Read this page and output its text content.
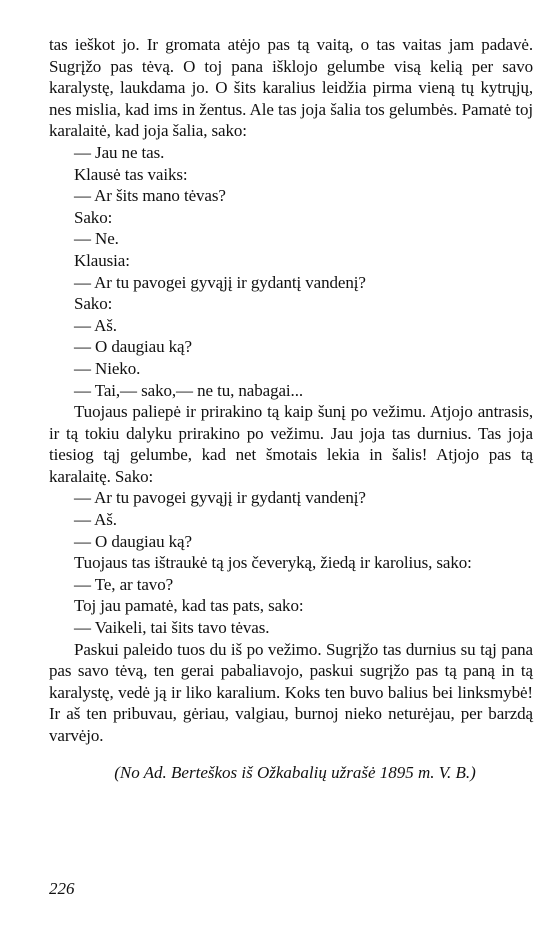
tas ieškot jo. Ir gromata atėjo pas tą vaitą, o tas vaitas jam padavė. Sugrįžo pas tėvą. O toj pana išklojo gelumbe visą kelią per savo karalystę, laukdama jo. O šits karalius leidžia pirma vieną tų kytrųjų, nes mislia, kad ims in žentus. Ale tas joja šalia tos gelumbės. Pamatė toj karalaitė, kad joja šalia, sako:

— Jau ne tas.

Klausė tas vaiks:

— Ar šits mano tėvas?

Sako:

— Ne.

Klausia:

— Ar tu pavogei gyvąjį ir gydantį vandenį?

Sako:

— Aš.

— O daugiau ką?

— Nieko.

— Tai,— sako,— ne tu, nabagai...

Tuojaus paliepė ir prirakino tą kaip šunį po vežimu. Atjojo antrasis, ir tą tokiu dalyku prirakino po vežimu. Jau joja tas durnius. Tas joja tiesiog tąj gelumbe, kad net šmotais lekia in šalis! Atjojo pas tą karalaitę. Sako:

— Ar tu pavogei gyvąjį ir gydantį vandenį?

— Aš.

— O daugiau ką?

Tuojaus tas ištraukė tą jos čeveryką, žiedą ir karolius, sako:

— Te, ar tavo?

Toj jau pamatė, kad tas pats, sako:

— Vaikeli, tai šits tavo tėvas.

Paskui paleido tuos du iš po vežimo. Sugrįžo tas durnius su tąj pana pas savo tėvą, ten gerai pabaliavojo, paskui sugrįžo pas tą paną in tą karalystę, vedė ją ir liko karalium. Koks ten buvo balius bei linksmybė! Ir aš ten pribuvau, gėriau, valgiau, burnoj nieko neturėjau, per barzdą varvėjo.

(No Ad. Berteškos iš Ožkabalių užrašė 1895 m. V. B.)
226
